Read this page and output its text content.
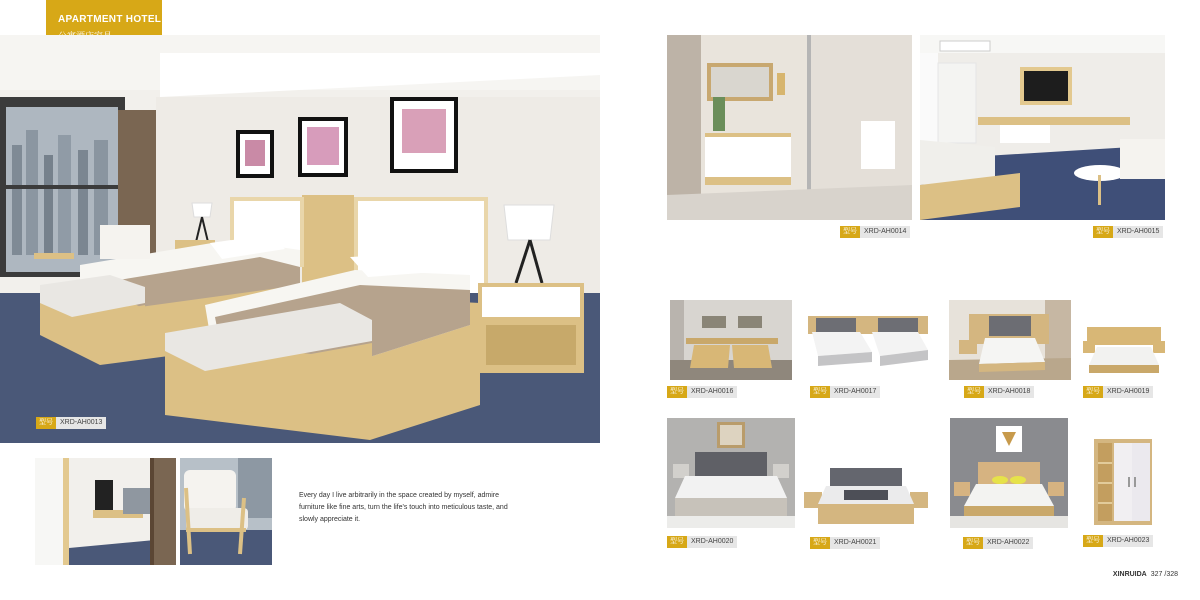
APARTMENT HOTEL
型号	XRD-AH0013
Every day I live arbitrarily in the space created by myself, admire furniture like fine arts, turn the life's touch into meticulous taste, and slowly appreciate it.
型号	XRD-AH0014	型号	XRD-AH0015
型号	XRD-AH0016	型号	XRD-AH0017	型号	XRD-AH0018	型号	XRD-AH0019
型号	XRD-AH0020	型号	XRD-AH0021	型号	XRD-AH0022	型号	XRD-AH0023
XINRUIDA 327 /328
